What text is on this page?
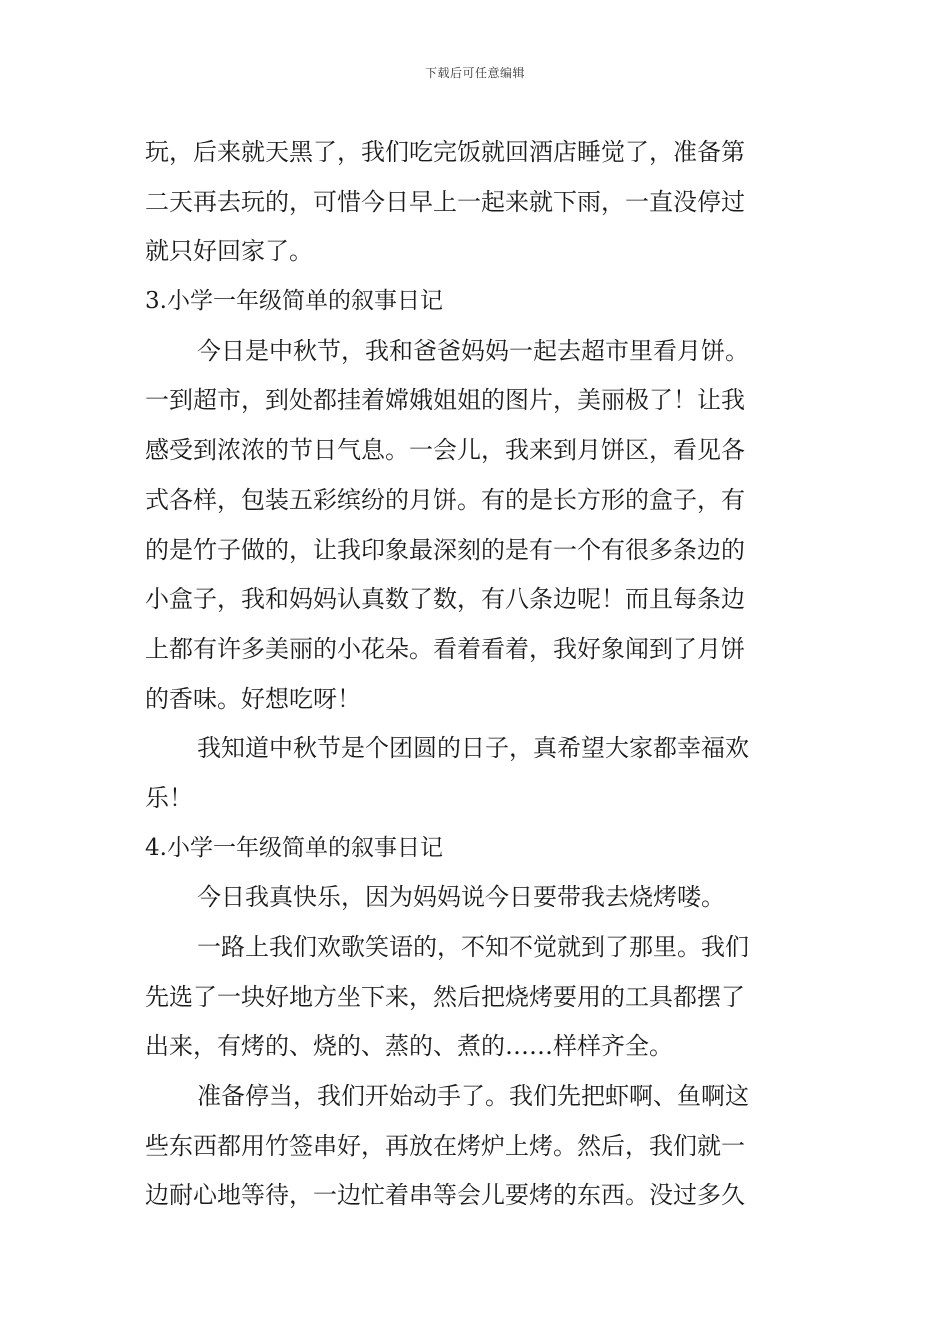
下载后可任意编辑
玩，后来就天黑了，我们吃完饭就回酒店睡觉了，准备第
二天再去玩的，可惜今日早上一起来就下雨，一直没停过
就只好回家了。
3.小学一年级简单的叙事日记
今日是中秋节，我和爸爸妈妈一起去超市里看月饼。
一到超市，到处都挂着嫦娥姐姐的图片，美丽极了！让我
感受到浓浓的节日气息。一会儿，我来到月饼区，看见各
式各样，包装五彩缤纷的月饼。有的是长方形的盒子，有
的是竹子做的，让我印象最深刻的是有一个有很多条边的
小盒子，我和妈妈认真数了数，有八条边呢！而且每条边
上都有许多美丽的小花朵。看着看着，我好象闻到了月饼
的香味。好想吃呀！
我知道中秋节是个团圆的日子，真希望大家都幸福欢
乐！
4.小学一年级简单的叙事日记
今日我真快乐，因为妈妈说今日要带我去烧烤喽。
一路上我们欢歌笑语的，不知不觉就到了那里。我们
先选了一块好地方坐下来，然后把烧烤要用的工具都摆了
出来，有烤的、烧的、蒸的、煮的……样样齐全。
准备停当，我们开始动手了。我们先把虾啊、鱼啊这
些东西都用竹签串好，再放在烤炉上烤。然后，我们就一
边耐心地等待，一边忙着串等会儿要烤的东西。没过多久
